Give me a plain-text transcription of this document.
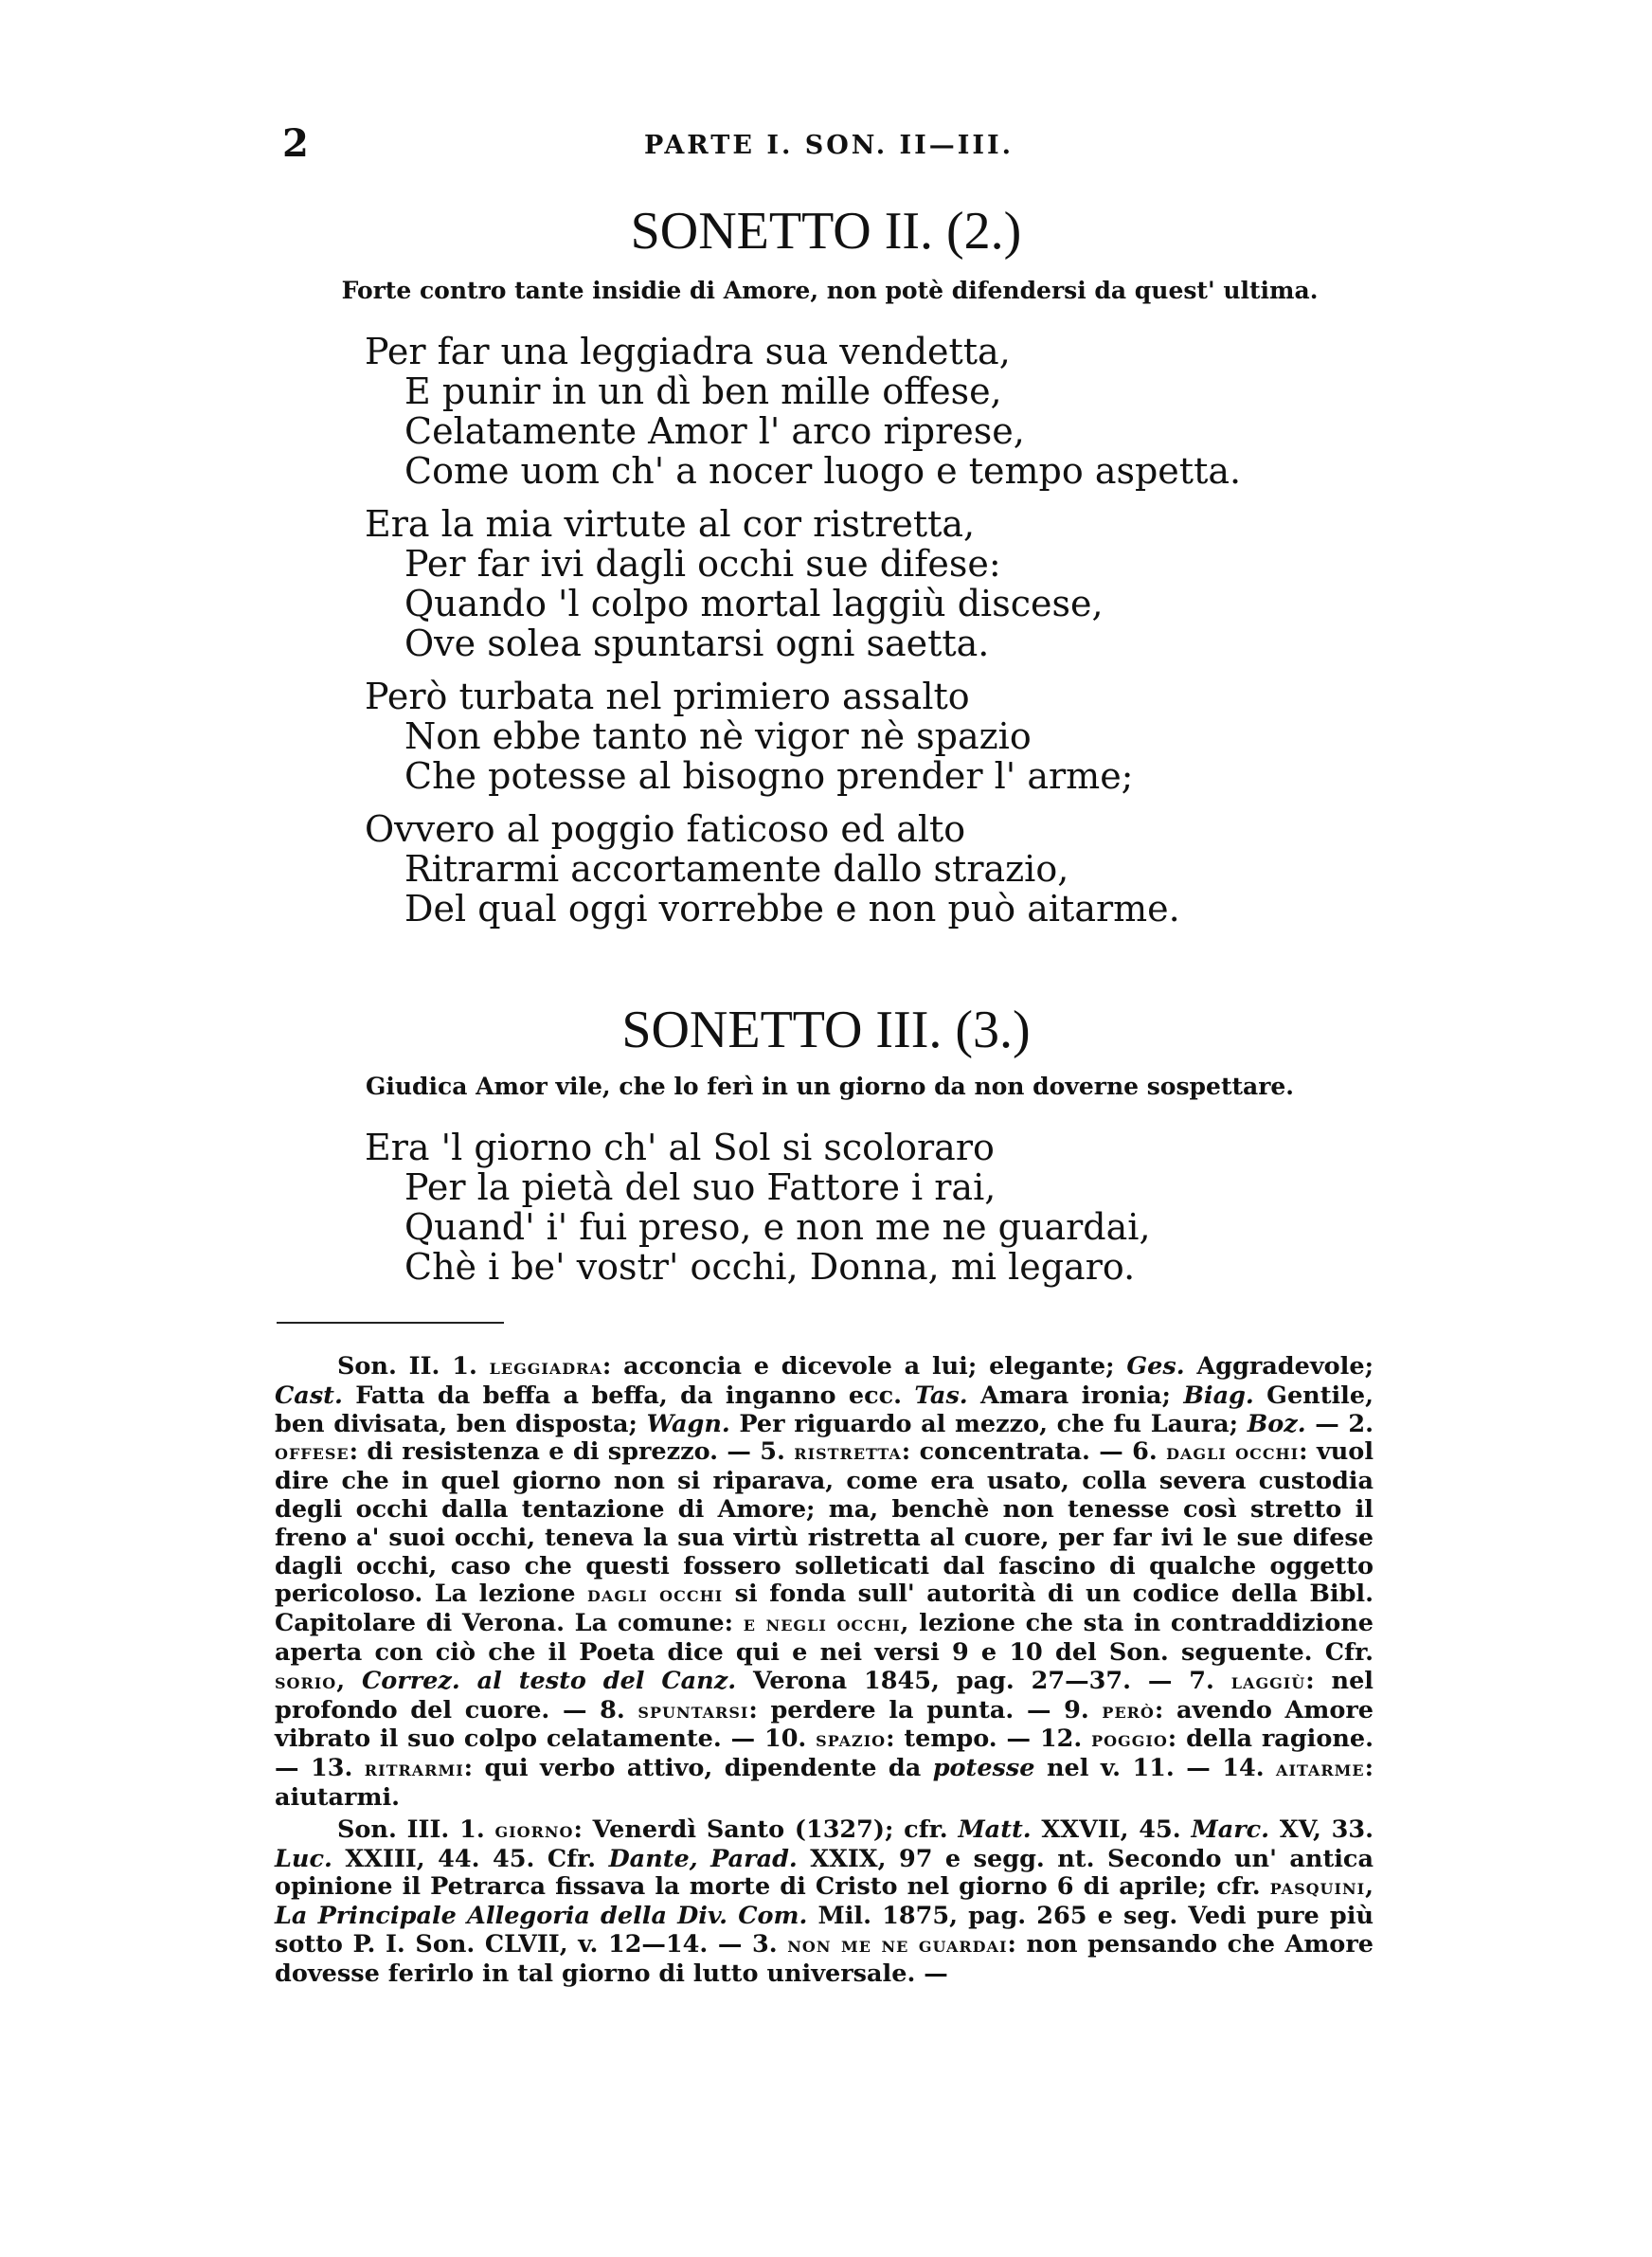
2	PARTE I. SON. II—III.
SONETTO II. (2.)
Forte contro tante insidie di Amore, non potè difendersi da quest' ultima.
Per far una leggiadra sua vendetta,
E punir in un dì ben mille offese,
Celatamente Amor l' arco riprese,
Come uom ch' a nocer luogo e tempo aspetta.
Era la mia virtute al cor ristretta,
Per far ivi dagli occhi sue difese:
Quando 'l colpo mortal laggiù discese,
Ove solea spuntarsi ogni saetta.
Però turbata nel primiero assalto
Non ebbe tanto nè vigor nè spazio
Che potesse al bisogno prender l' arme;
Ovvero al poggio faticoso ed alto
Ritrarmi accortamente dallo strazio,
Del qual oggi vorrebbe e non può aitarme.
SONETTO III. (3.)
Giudica Amor vile, che lo ferì in un giorno da non doverne sospettare.
Era 'l giorno ch' al Sol si scoloraro
Per la pietà del suo Fattore i rai,
Quand' i' fui preso, e non me ne guardai,
Chè i be' vostr' occhi, Donna, mi legaro.

Son. II. 1. leggiadra: acconcia e dicevole a lui; elegante; Ges. Aggradevole; Cast. Fatta da beffa a beffa, da inganno ecc. Tas. Amara ironia; Biag. Gentile, ben divisata, ben disposta; Wagn. Per riguardo al mezzo, che fu Laura; Boz. — 2. offese: di resistenza e di sprezzo. — 5. ristretta: concentrata. — 6. dagli occhi: vuol dire che in quel giorno non si riparava, come era usato, colla severa custodia degli occhi dalla tentazione di Amore; ma, benchè non tenesse così stretto il freno a' suoi occhi, teneva la sua virtù ristretta al cuore, per far ivi le sue difese dagli occhi, caso che questi fossero solleticati dal fascino di qualche oggetto pericoloso. La lezione dagli occhi si fonda sull' autorità di un codice della Bibl. Capitolare di Verona. La comune: e negli occhi, lezione che sta in contraddizione aperta con ciò che il Poeta dice qui e nei versi 9 e 10 del Son. seguente. Cfr. sorio, Correz. al testo del Canz. Verona 1845, pag. 27—37. — 7. laggiù: nel profondo del cuore. — 8. spuntarsi: perdere la punta. — 9. però: avendo Amore vibrato il suo colpo celatamente. — 10. spazio: tempo. — 12. poggio: della ragione. — 13. ritrarmi: qui verbo attivo, dipendente da potesse nel v. 11. — 14. aitarme: aiutarmi.

Son. III. 1. giorno: Venerdì Santo (1327); cfr. Matt. XXVII, 45. Marc. XV, 33. Luc. XXIII, 44. 45. Cfr. Dante, Parad. XXIX, 97 e segg. nt. Secondo un' antica opinione il Petrarca fissava la morte di Cristo nel giorno 6 di aprile; cfr. pasquini, La Principale Allegoria della Div. Com. Mil. 1875, pag. 265 e seg. Vedi pure più sotto P. I. Son. CLVII, v. 12—14. — 3. non me ne guardai: non pensando che Amore dovesse ferirlo in tal giorno di lutto universale. —
